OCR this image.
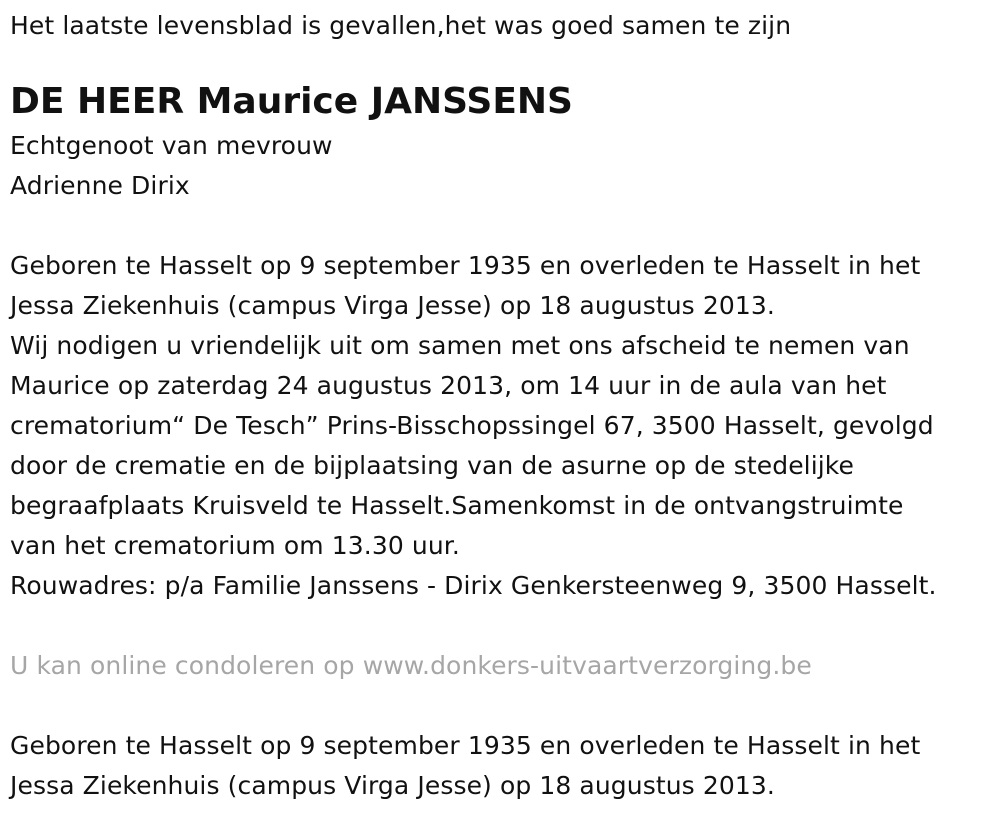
Het laatste levensblad is gevallen,het was goed samen te zijn
DE HEER Maurice JANSSENS
Echtgenoot van mevrouw
Adrienne Dirix
Geboren te Hasselt op 9 september 1935 en overleden te Hasselt in het
Jessa Ziekenhuis (campus Virga Jesse) op 18 augustus 2013.
Wij nodigen u vriendelijk uit om samen met ons afscheid te nemen van
Maurice op zaterdag 24 augustus 2013, om 14 uur in de aula van het
crematorium“ De Tesch” Prins-Bisschopssingel 67, 3500 Hasselt, gevolgd
door de crematie en de bijplaatsing van de asurne op de stedelijke
begraafplaats Kruisveld te Hasselt.Samenkomst in de ontvangstruimte
van het crematorium om 13.30 uur.
Rouwadres: p/a Familie Janssens - Dirix Genkersteenweg 9, 3500 Hasselt.
U kan online condoleren op www.donkers-uitvaartverzorging.be
Geboren te Hasselt op 9 september 1935 en overleden te Hasselt in het
Jessa Ziekenhuis (campus Virga Jesse) op 18 augustus 2013.
